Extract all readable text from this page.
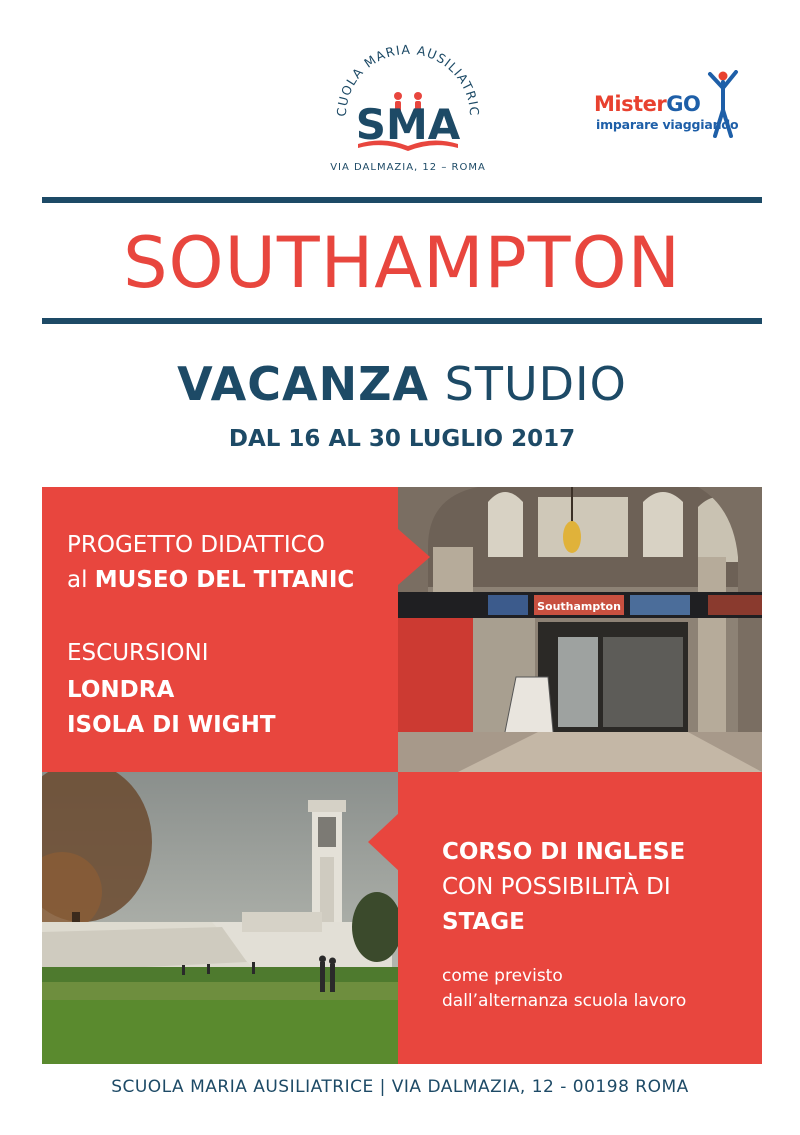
CUOLA MARIA AUSILIATRIC
SMA
VIA DALMAZIA, 12 – ROMA
MisterGO
imparare viaggiando
SOUTHAMPTON
VACANZA STUDIO
DAL 16 AL 30 LUGLIO 2017
PROGETTO DIDATTICO
al MUSEO DEL TITANIC
ESCURSIONI
LONDRA
ISOLA DI WIGHT
Southampton
CORSO DI INGLESE
CON POSSIBILITÀ DI
STAGE
come previsto
dall’alternanza scuola lavoro
SCUOLA MARIA AUSILIATRICE | VIA DALMAZIA, 12 - 00198 ROMA
